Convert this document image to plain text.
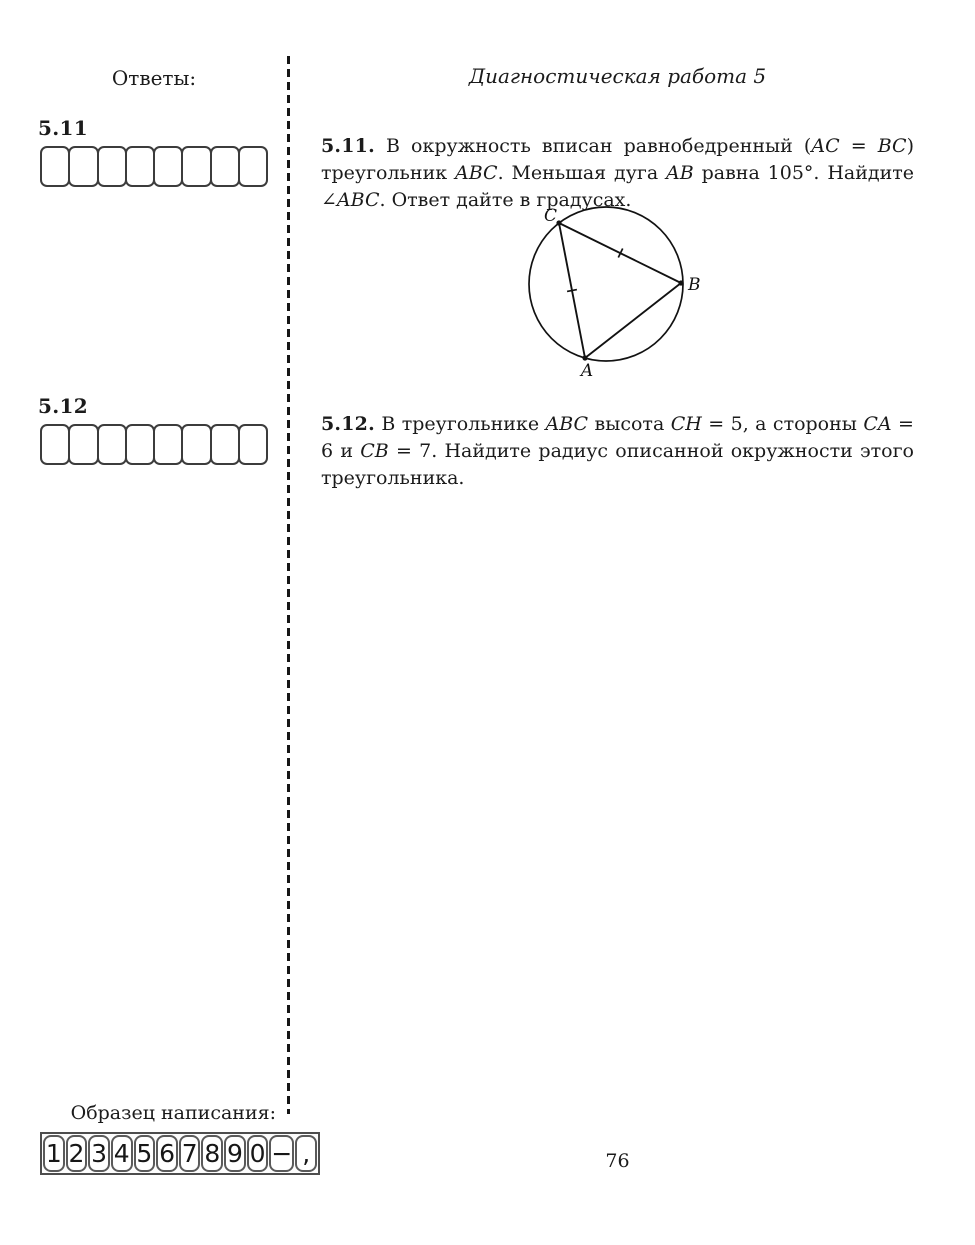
Ответы:
5.11
5.12
Диагностическая работа 5

5.11. В окружность вписан равнобедренный (AC = BC) треугольник ABC. Меньшая дуга AB равна 105°. Найдите ∠ABC. Ответ дайте в градусах.

C
B
A

5.12. В треугольнике ABC высота CH = 5, а стороны CA = 6 и CB = 7. Найдите радиус описанной окружности этого треугольника.

76
Образец написания:
1 2 3 4 5 6 7 8 9 0 − ,
